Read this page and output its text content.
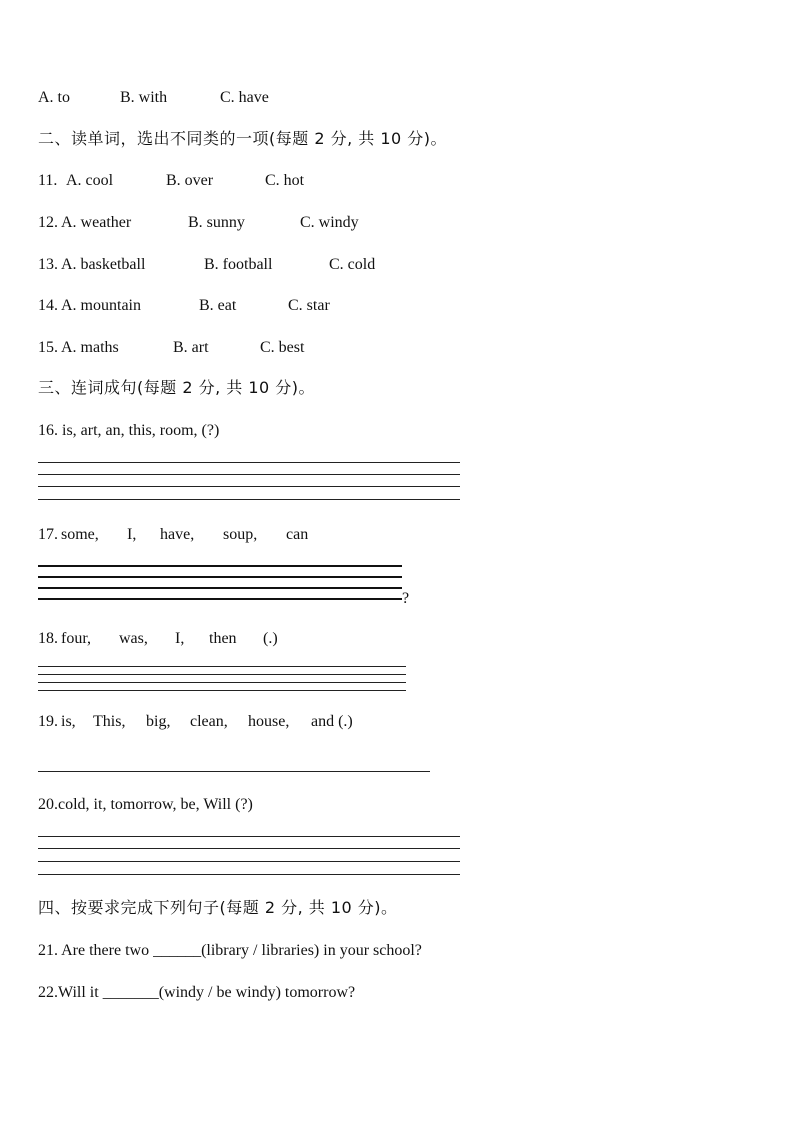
A. to	B. with	C. have
二、读单词，选出不同类的一项(每题 2 分, 共 10 分)。
11. A. cool	B. over	C. hot
12. A. weather	B. sunny	C. windy
13. A. basketball	B. football	C. cold
14. A. mountain	B. eat	C. star
15. A. maths	B. art	C. best
三、连词成句(每题 2 分, 共 10 分)。
16. is, art, an, this, room, (?)
17. some, I, have, soup, can
?
18. four, was, I, then (.)
19. is, This, big, clean, house, and (.)
20.cold, it, tomorrow, be, Will (?)
四、按要求完成下列句子(每题 2 分, 共 10 分)。
21. Are there two ______(library / libraries) in your school?
22.Will it _______(windy / be windy) tomorrow?
